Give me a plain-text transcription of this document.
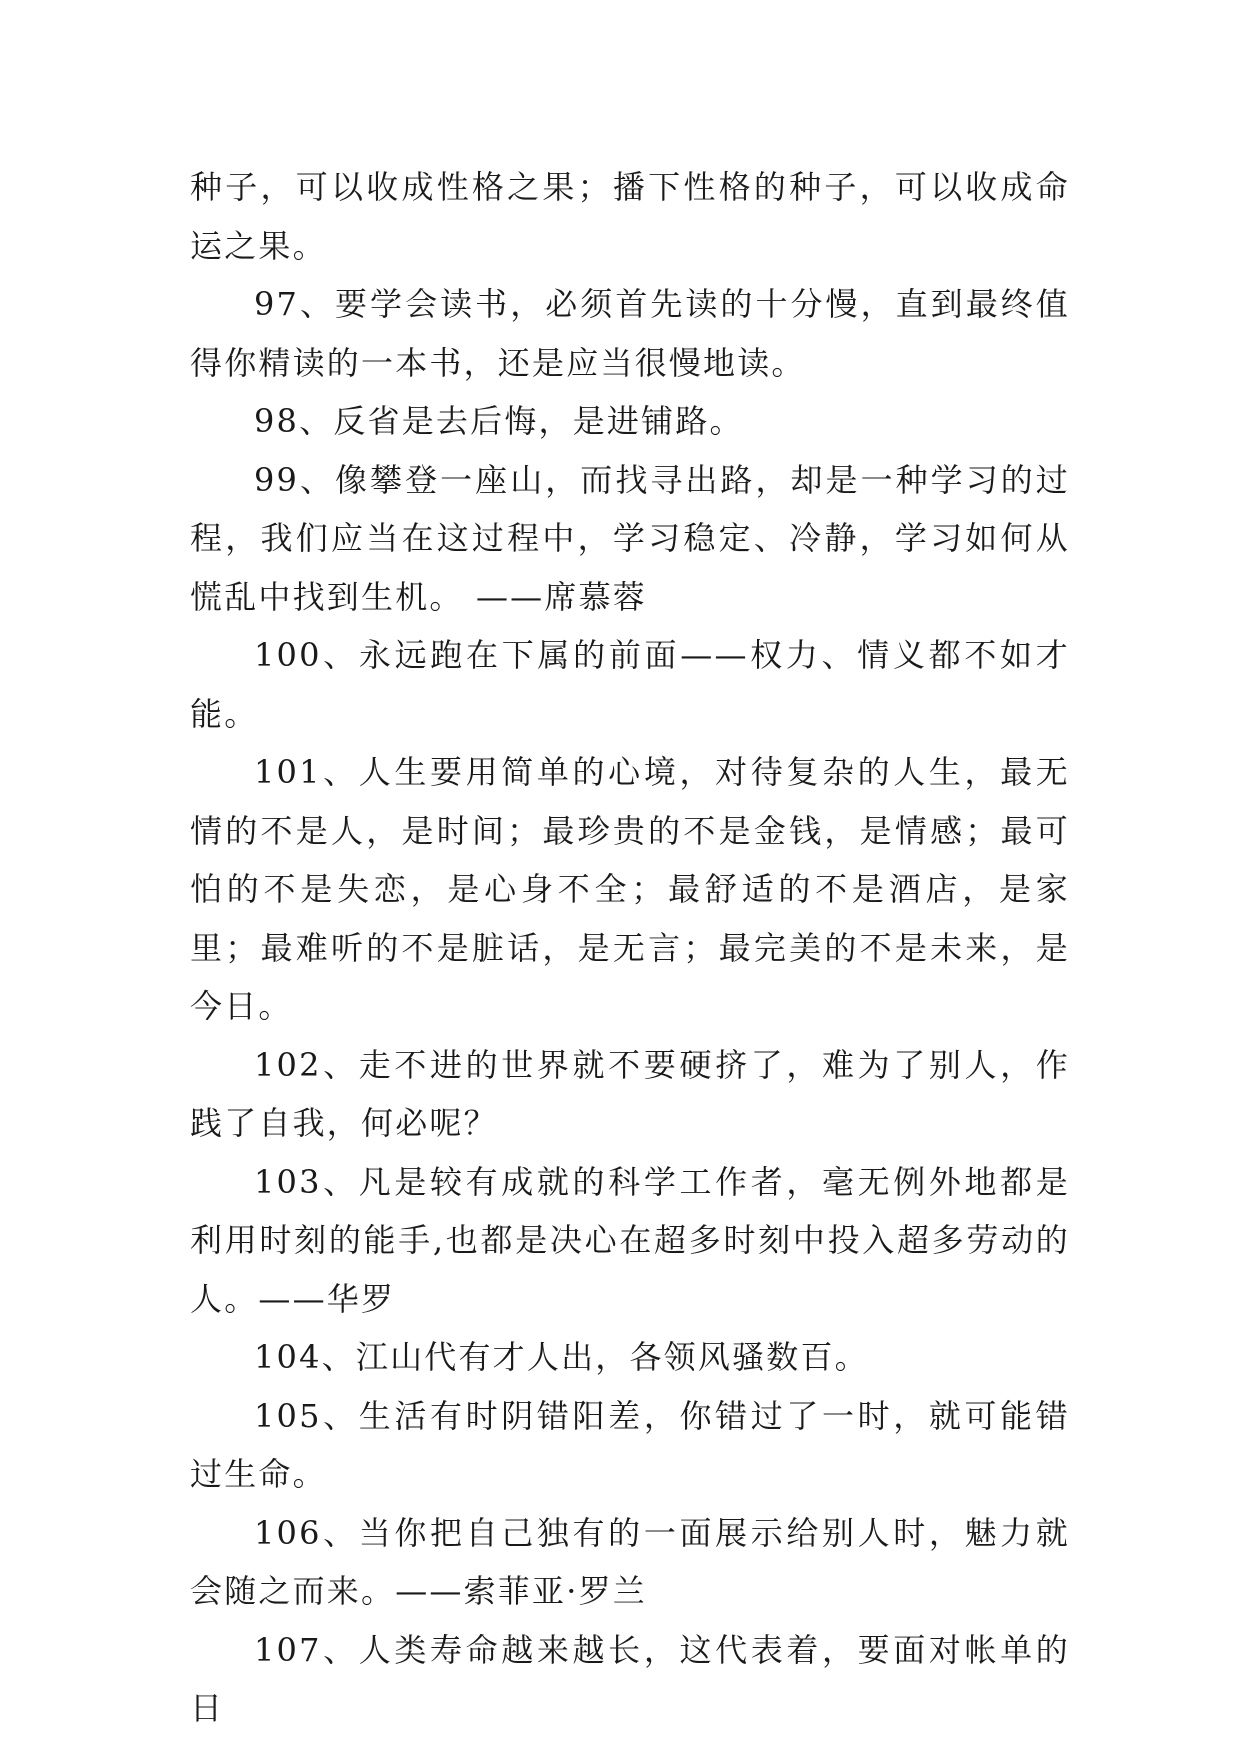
种子，可以收成性格之果；播下性格的种子，可以收成命运之果。

97、要学会读书，必须首先读的十分慢，直到最终值得你精读的一本书，还是应当很慢地读。

98、反省是去后悔，是进铺路。

99、像攀登一座山，而找寻出路，却是一种学习的过程，我们应当在这过程中，学习稳定、冷静，学习如何从慌乱中找到生机。 ——席慕蓉

100、永远跑在下属的前面——权力、情义都不如才能。

101、人生要用简单的心境，对待复杂的人生，最无情的不是人，是时间；最珍贵的不是金钱，是情感；最可怕的不是失恋，是心身不全；最舒适的不是酒店，是家里；最难听的不是脏话，是无言；最完美的不是未来，是今日。

102、走不进的世界就不要硬挤了，难为了别人，作践了自我，何必呢？

103、凡是较有成就的科学工作者，毫无例外地都是利用时刻的能手,也都是决心在超多时刻中投入超多劳动的人。——华罗

104、江山代有才人出，各领风骚数百。

105、生活有时阴错阳差，你错过了一时，就可能错过生命。

106、当你把自己独有的一面展示给别人时，魅力就会随之而来。——索菲亚·罗兰

107、人类寿命越来越长，这代表着，要面对帐单的日
